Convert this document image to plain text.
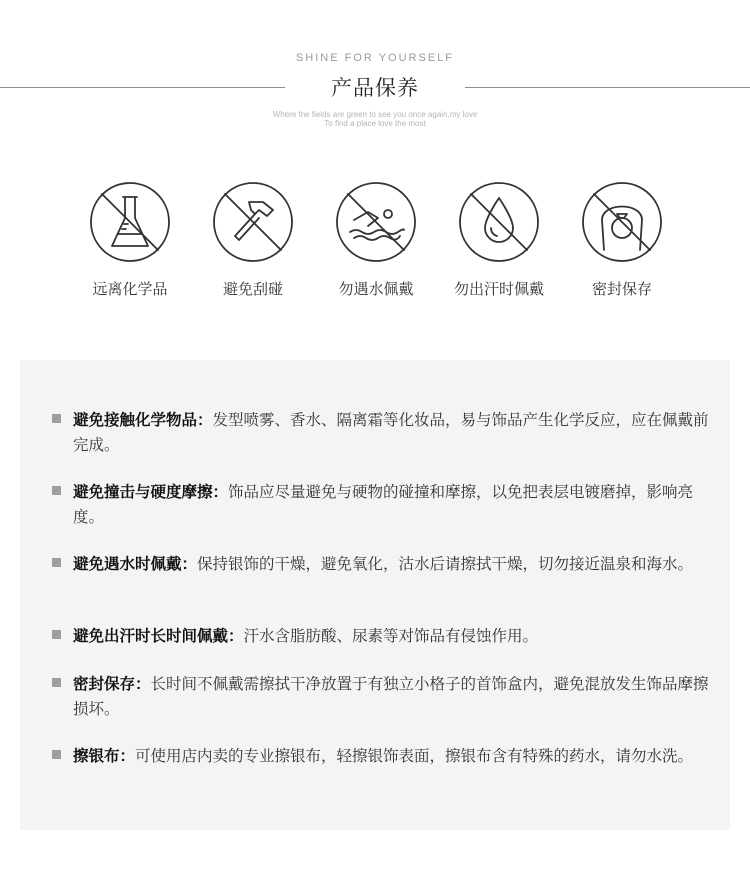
SHINE FOR YOURSELF
产品保养
Where the fields are green to see you once again,my love
To find a place love the most
远离化学品	避免刮碰	勿遇水佩戴	勿出汗时佩戴	密封保存
避免接触化学物品：发型喷雾、香水、隔离霜等化妆品，易与饰品产生化学反应，应在佩戴前完成。
避免撞击与硬度摩擦：饰品应尽量避免与硬物的碰撞和摩擦，以免把表层电镀磨掉，影响亮度。
避免遇水时佩戴：保持银饰的干燥，避免氧化，沽水后请擦拭干燥，切勿接近温泉和海水。
避免出汗时长时间佩戴：汗水含脂肪酸、尿素等对饰品有侵蚀作用。
密封保存：长时间不佩戴需擦拭干净放置于有独立小格子的首饰盒内，避免混放发生饰品摩擦损坏。
擦银布：可使用店内卖的专业擦银布，轻擦银饰表面，擦银布含有特殊的药水，请勿水洗。
